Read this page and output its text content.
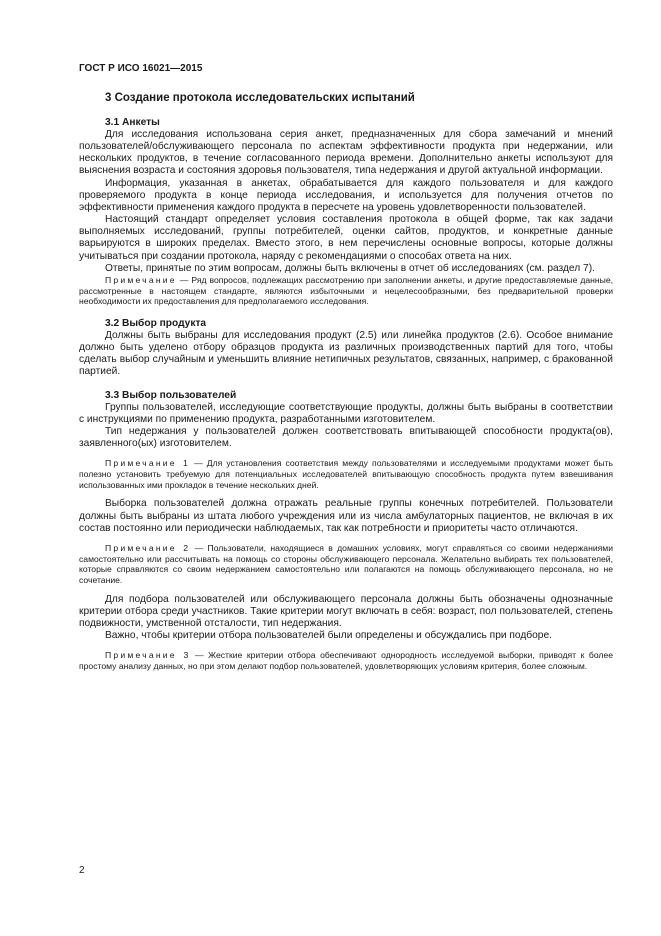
ГОСТ Р ИСО 16021—2015
3 Создание протокола исследовательских испытаний
3.1 Анкеты

Для исследования использована серия анкет, предназначенных для сбора замечаний и мнений пользователей/обслуживающего персонала по аспектам эффективности продукта при недержании, или нескольких продуктов, в течение согласованного периода времени. Дополнительно анкеты используют для выяснения возраста и состояния здоровья пользователя, типа недержания и другой актуальной информации.

Информация, указанная в анкетах, обрабатывается для каждого пользователя и для каждого проверяемого продукта в конце периода исследования, и используется для получения отчетов по эффективности применения каждого продукта в пересчете на уровень удовлетворенности пользователей.

Настоящий стандарт определяет условия составления протокола в общей форме, так как задачи выполняемых исследований, группы потребителей, оценки сайтов, продуктов, и конкретные данные варьируются в широких пределах. Вместо этого, в нем перечислены основные вопросы, которые должны учитываться при создании протокола, наряду с рекомендациями о способах ответа на них.

Ответы, принятые по этим вопросам, должны быть включены в отчет об исследованиях (см. раздел 7).

Примечание — Ряд вопросов, подлежащих рассмотрению при заполнении анкеты, и другие предоставляемые данные, рассмотренные в настоящем стандарте, являются избыточными и нецелесообразными, без предварительной проверки необходимости их предоставления для предполагаемого исследования.

3.2 Выбор продукта

Должны быть выбраны для исследования продукт (2.5) или линейка продуктов (2.6). Особое внимание должно быть уделено отбору образцов продукта из различных производственных партий для того, чтобы сделать выбор случайным и уменьшить влияние нетипичных результатов, связанных, например, с бракованной партией.

3.3 Выбор пользователей

Группы пользователей, исследующие соответствующие продукты, должны быть выбраны в соответствии с инструкциями по применению продукта, разработанными изготовителем.

Тип недержания у пользователей должен соответствовать впитывающей способности продукта(ов), заявленного(ых) изготовителем.

Примечание 1 — Для установления соответствия между пользователями и исследуемыми продуктами может быть полезно установить требуемую для потенциальных исследователей впитывающую способность продукта путем взвешивания использованных ими прокладок в течение нескольких дней.

Выборка пользователей должна отражать реальные группы конечных потребителей. Пользователи должны быть выбраны из штата любого учреждения или из числа амбулаторных пациентов, не включая в их состав постоянно или периодически наблюдаемых, так как потребности и приоритеты часто отличаются.

Примечание 2 — Пользователи, находящиеся в домашних условиях, могут справляться со своими недержаниями самостоятельно или рассчитывать на помощь со стороны обслуживающего персонала. Желательно выбирать тех пользователей, которые справляются со своим недержанием самостоятельно или полагаются на помощь обслуживающего персонала, но не сочетание.

Для подбора пользователей или обслуживающего персонала должны быть обозначены однозначные критерии отбора среди участников. Такие критерии могут включать в себя: возраст, пол пользователей, степень подвижности, умственной отсталости, тип недержания.

Важно, чтобы критерии отбора пользователей были определены и обсуждались при подборе.

Примечание 3 — Жесткие критерии отбора обеспечивают однородность исследуемой выборки, приводят к более простому анализу данных, но при этом делают подбор пользователей, удовлетворяющих условиям критерия, более сложным.

2
